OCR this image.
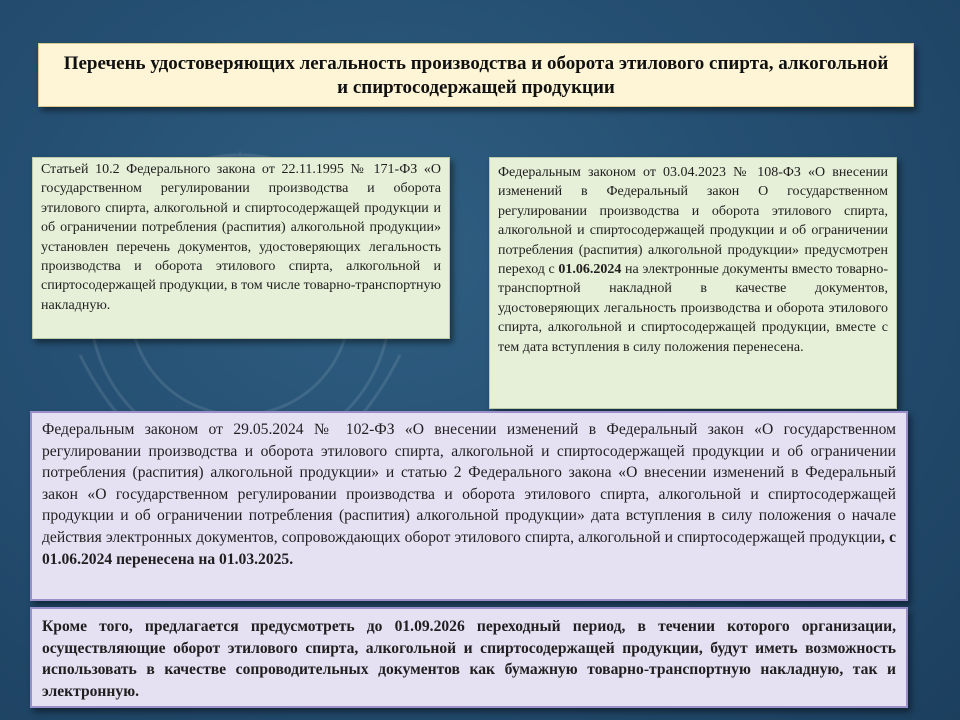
Перечень удостоверяющих легальность производства и оборота этилового спирта, алкогольной и спиртосодержащей продукции

Статьей 10.2 Федерального закона от 22.11.1995 № 171-ФЗ «О государственном регулировании производства и оборота этилового спирта, алкогольной и спиртосодержащей продукции и об ограничении потребления (распития) алкогольной продукции» установлен перечень документов, удостоверяющих легальность производства и оборота этилового спирта, алкогольной и спиртосодержащей продукции, в том числе товарно-транспортную накладную.

Федеральным законом от 03.04.2023 № 108-ФЗ «О внесении изменений в Федеральный закон О государственном регулировании производства и оборота этилового спирта, алкогольной и спиртосодержащей продукции и об ограничении потребления (распития) алкогольной продукции» предусмотрен переход с 01.06.2024 на электронные документы вместо товарно-транспортной накладной в качестве документов, удостоверяющих легальность производства и оборота этилового спирта, алкогольной и спиртосодержащей продукции, вместе с тем дата вступления в силу положения перенесена.

Федеральным законом от 29.05.2024 № 102-ФЗ «О внесении изменений в Федеральный закон «О государственном регулировании производства и оборота этилового спирта, алкогольной и спиртосодержащей продукции и об ограничении потребления (распития) алкогольной продукции» и статью 2 Федерального закона «О внесении изменений в Федеральный закон «О государственном регулировании производства и оборота этилового спирта, алкогольной и спиртосодержащей продукции и об ограничении потребления (распития) алкогольной продукции» дата вступления в силу положения о начале действия электронных документов, сопровождающих оборот этилового спирта, алкогольной и спиртосодержащей продукции, с 01.06.2024 перенесена на 01.03.2025.

Кроме того, предлагается предусмотреть до 01.09.2026 переходный период, в течении которого организации, осуществляющие оборот этилового спирта, алкогольной и спиртосодержащей продукции, будут иметь возможность использовать в качестве сопроводительных документов как бумажную товарно-транспортную накладную, так и электронную.
